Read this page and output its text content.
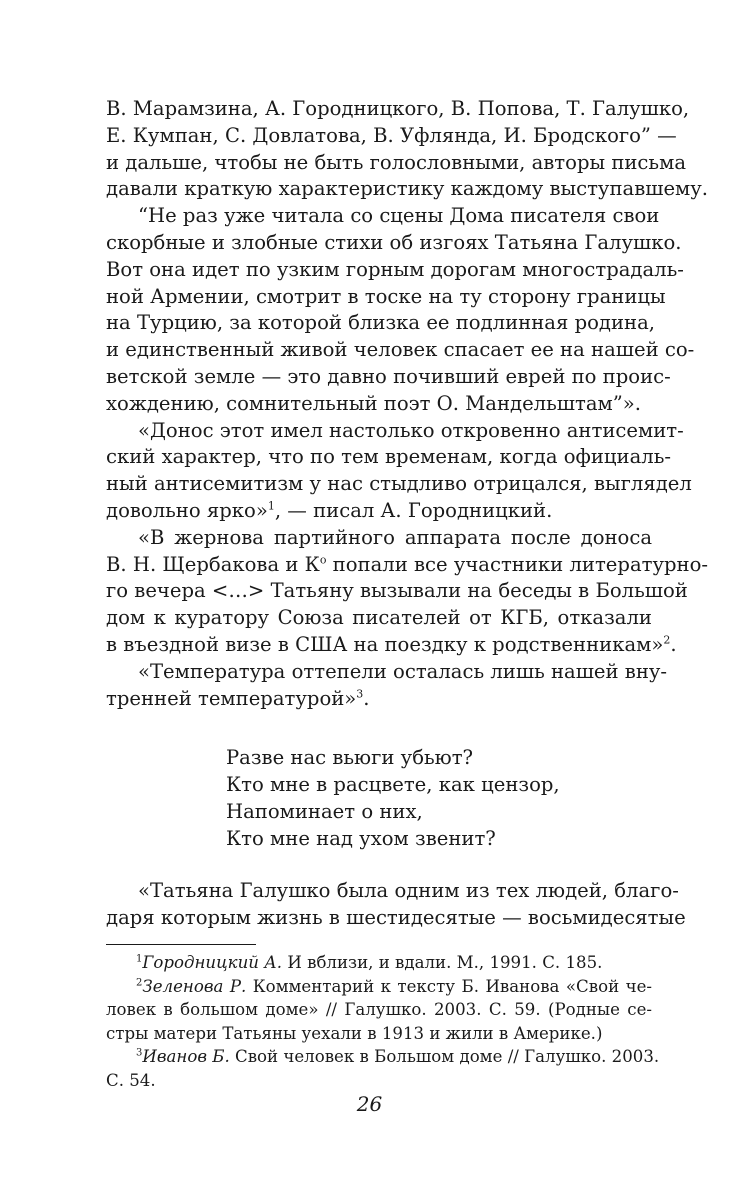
В. Марамзина, А. Городницкого, В. Попова, Т. Галушко,
Е. Кумпан, С. Довлатова, В. Уфлянда, И. Бродского” —
и дальше, чтобы не быть голословными, авторы письма
давали краткую характеристику каждому выступавшему.

“Не раз уже читала со сцены Дома писателя свои
скорбные и злобные стихи об изгоях Татьяна Галушко.
Вот она идет по узким горным дорогам многострадаль-
ной Армении, смотрит в тоске на ту сторону границы
на Турцию, за которой близка ее подлинная родина,
и единственный живой человек спасает ее на нашей со-
ветской земле — это давно почивший еврей по проис-
хождению, сомнительный поэт О. Мандельштам”».

«Донос этот имел настолько откровенно антисемит-
ский характер, что по тем временам, когда официаль-
ный антисемитизм у нас стыдливо отрицался, выглядел
довольно ярко»$^1$, — писал А. Городницкий.

«В жернова партийного аппарата после доноса
В. Н. Щербакова и $К^о$ попали все участники литературно-
го вечера <…> Татьяну вызывали на беседы в Большой
дом к куратору Союза писателей от КГБ, отказали
в въездной визе в США на поездку к родственникам»$^2$.

«Температура оттепели осталась лишь нашей вну-
тренней температурой»$^3$.

Разве нас вьюги убьют?
Кто мне в расцвете, как цензор,
Напоминает о них,
Кто мне над ухом звенит?

«Татьяна Галушко была одним из тех людей, благо-
даря которым жизнь в шестидесятые — восьмидесятые

$^1$Городницкий А. И вблизи, и вдали. М., 1991. С. 185.

$^2$Зеленова Р. Комментарий к тексту Б. Иванова «Свой че-
ловек в большом доме» // Галушко. 2003. С. 59. (Родные се-
стры матери Татьяны уехали в 1913 и жили в Америке.)

$^3$Иванов Б. Свой человек в Большом доме // Галушко. 2003.
С. 54.

26
